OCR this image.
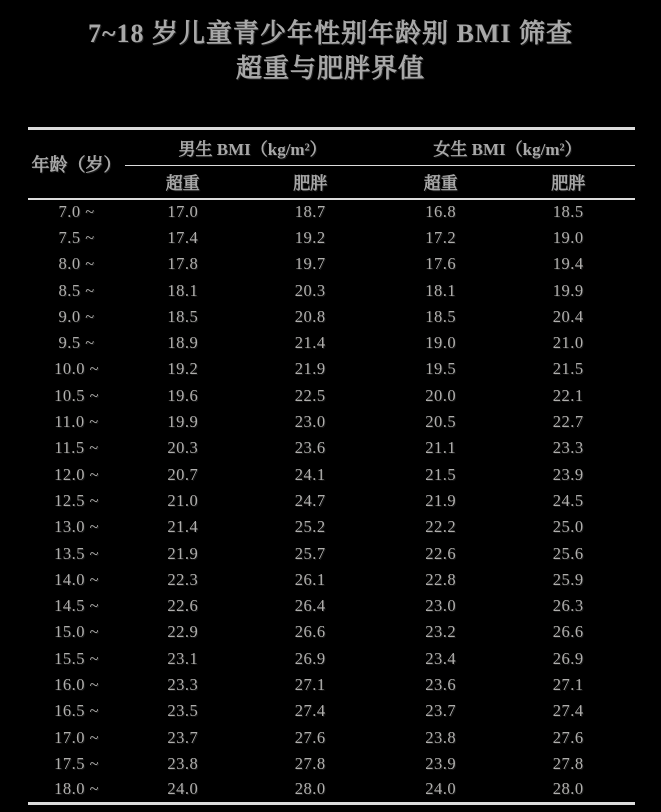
7~18 岁儿童青少年性别年龄别 BMI 筛查
超重与肥胖界值
年龄（岁）	男生 BMI（kg/m²）		女生 BMI（kg/m²）	
	超重	肥胖	超重	肥胖
7.0 ~	17.0	18.7	16.8	18.5
7.5 ~	17.4	19.2	17.2	19.0
8.0 ~	17.8	19.7	17.6	19.4
8.5 ~	18.1	20.3	18.1	19.9
9.0 ~	18.5	20.8	18.5	20.4
9.5 ~	18.9	21.4	19.0	21.0
10.0 ~	19.2	21.9	19.5	21.5
10.5 ~	19.6	22.5	20.0	22.1
11.0 ~	19.9	23.0	20.5	22.7
11.5 ~	20.3	23.6	21.1	23.3
12.0 ~	20.7	24.1	21.5	23.9
12.5 ~	21.0	24.7	21.9	24.5
13.0 ~	21.4	25.2	22.2	25.0
13.5 ~	21.9	25.7	22.6	25.6
14.0 ~	22.3	26.1	22.8	25.9
14.5 ~	22.6	26.4	23.0	26.3
15.0 ~	22.9	26.6	23.2	26.6
15.5 ~	23.1	26.9	23.4	26.9
16.0 ~	23.3	27.1	23.6	27.1
16.5 ~	23.5	27.4	23.7	27.4
17.0 ~	23.7	27.6	23.8	27.6
17.5 ~	23.8	27.8	23.9	27.8
18.0 ~	24.0	28.0	24.0	28.0
